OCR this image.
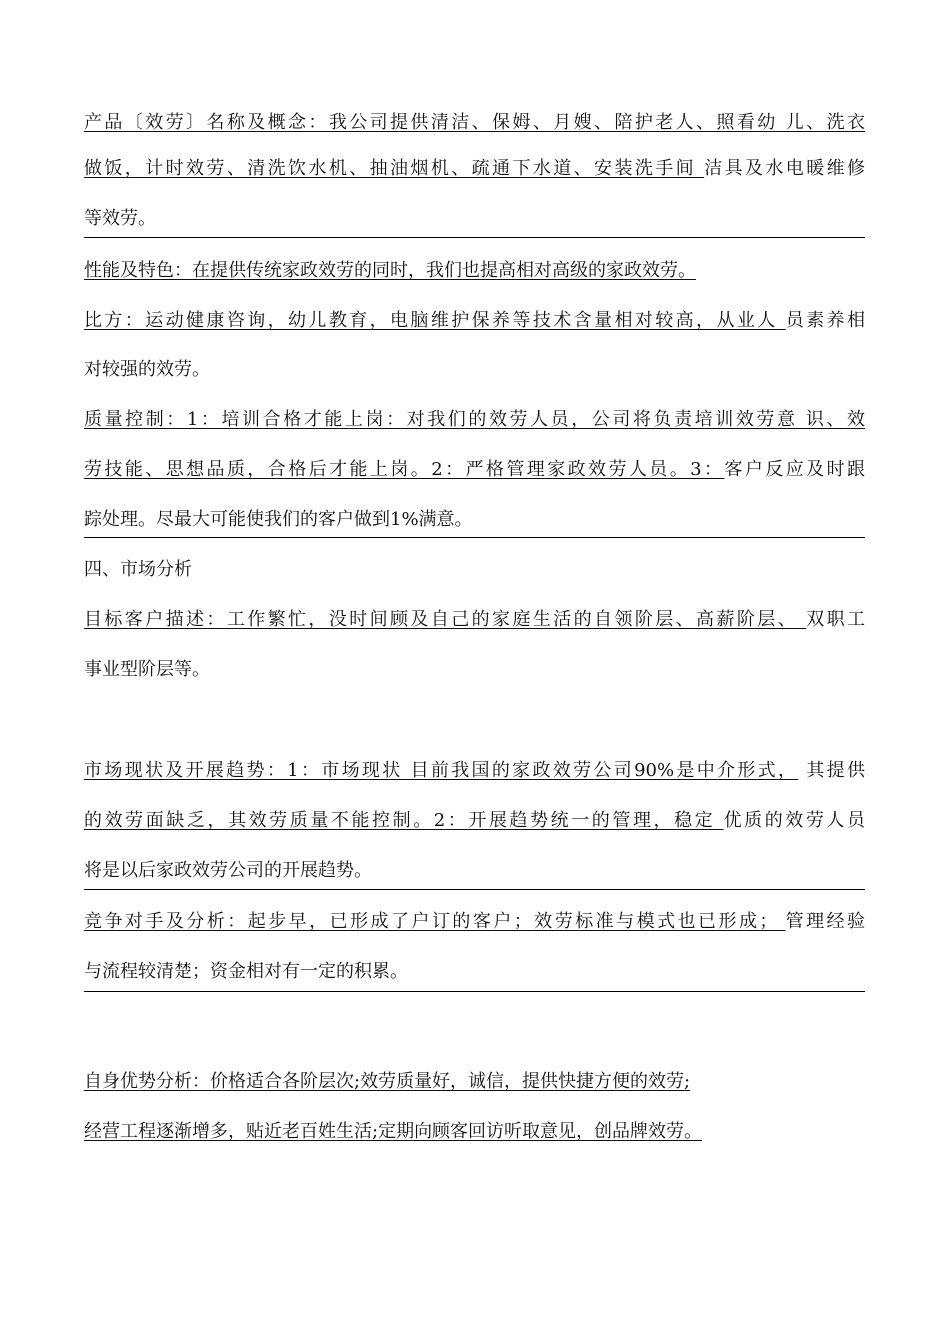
产品〔效劳〕名称及概念：我公司提供清洁、保姆、月嫂、陪护老人、照看幼 儿、洗衣
做饭，计时效劳、清洗饮水机、抽油烟机、疏通下水道、安装洗手间 洁具及水电暖维修
等效劳。
性能及特色：在提供传统家政效劳的同时，我们也提高相对高级的家政效劳。
比方：运动健康咨询，幼儿教育，电脑维护保养等技术含量相对较高，从业人 员素养相
对较强的效劳。
质量控制：1：培训合格才能上岗：对我们的效劳人员，公司将负责培训效劳意 识、效
劳技能、思想品质，合格后才能上岗。2：严格管理家政效劳人员。3：客户反应及时跟
踪处理。尽最大可能使我们的客户做到1%满意。
四、市场分析
目标客户描述：工作繁忙，没时间顾及自己的家庭生活的自领阶层、高薪阶层、 双职工
事业型阶层等。
市场现状及开展趋势：1：市场现状 目前我国的家政效劳公司90%是中介形式， 其提供
的效劳面缺乏，其效劳质量不能控制。2：开展趋势统一的管理，稳定 优质的效劳人员
将是以后家政效劳公司的开展趋势。
竞争对手及分析：起步早，已形成了户订的客户；效劳标准与模式也已形成； 管理经验
与流程较清楚；资金相对有一定的积累。
自身优势分析：价格适合各阶层次;效劳质量好，诚信，提供快捷方便的效劳;
经营工程逐渐增多，贴近老百姓生活;定期向顾客回访听取意见，创品牌效劳。
